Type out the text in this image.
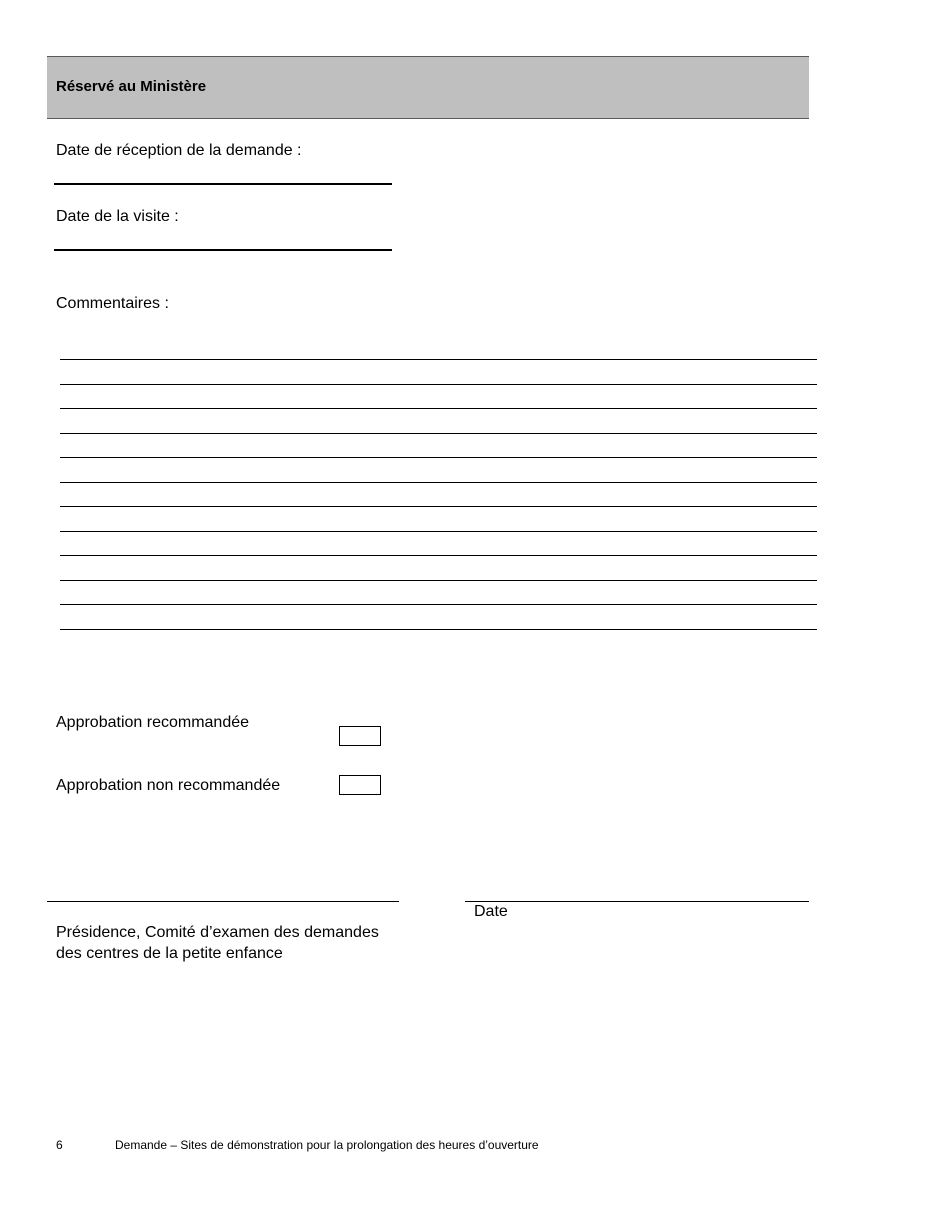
Réservé au Ministère
Date de réception de la demande :
Date de la visite :
Commentaires :
Approbation recommandée
Approbation non recommandée
Date
Présidence, Comité d’examen des demandes
des centres de la petite enfance
6	Demande – Sites de démonstration pour la prolongation des heures d’ouverture
